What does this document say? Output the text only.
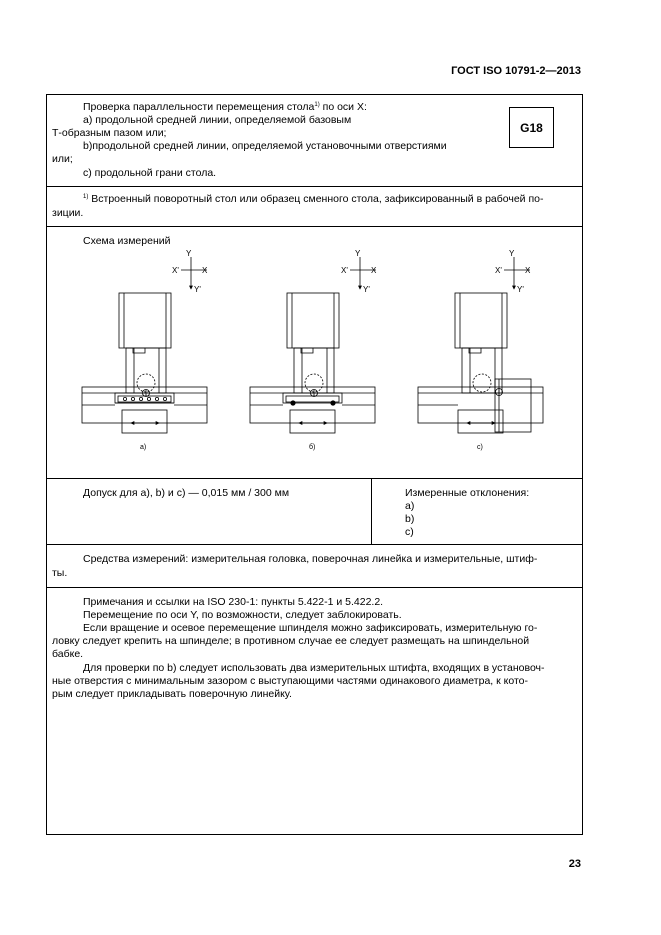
ГОСТ ISO 10791-2—2013
Проверка параллельности перемещения стола$^{1)}$ по оси X:
а) продольной средней линии, определяемой базовым
Т-образным пазом или;
b)продольной средней линии, определяемой установочными отверстиями
или;
с) продольной грани стола.
G18
$^{1)}$ Встроенный поворотный стол или образец сменного стола, зафиксированный в рабочей по-
зиции.
Схема измерений
Y
X'	X
Y'
Y
X'	X
Y'
Y
X'	X
Y'
а)	б)	с)
Допуск для а), b) и с) — 0,015 мм / 300 мм	Измеренные отклонения:
а)
b)
с)
Средства измерений: измерительная головка, поверочная линейка и измерительные, штиф-
ты.
Примечания и ссылки на ISO 230-1: пункты 5.422-1 и 5.422.2.
Перемещение по оси Y, по возможности, следует заблокировать.
Если вращение и осевое перемещение шпинделя можно зафиксировать, измерительную го-
ловку следует крепить на шпинделе; в противном случае ее следует размещать на шпиндельной
бабке.
Для проверки по b) следует использовать два измерительных штифта, входящих в установоч-
ные отверстия с минимальным зазором с выступающими частями одинакового диаметра, к кото-
рым следует прикладывать поверочную линейку.
23
